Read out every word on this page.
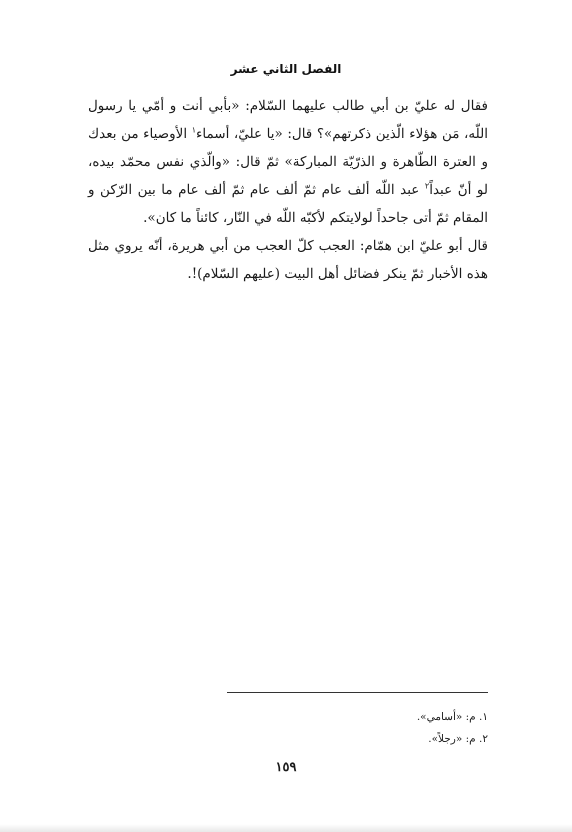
الفصل الثاني عشر

فقال له عليّ بن أبي طالب عليهما السّلام: «بأبي أنت و أمّي يا رسول اللّه، مَن هؤلاء الّذين ذكرتهم»؟ قال: «يا عليّ، أسماء$^١$ الأوصياء من بعدك و العترة الطّاهرة و الذرّيّة المباركة» ثمّ قال: «والّذي نفس محمّد بيده، لو أنّ عبداً$^٢$ عبد اللّه ألف عام ثمّ ألف عام ثمّ ألف عام ما بين الرّكن و المقام ثمّ أتى جاحداً لولايتكم لأكبّه اللّه في النّار، كائناً ما كان».

قال أبو عليّ ابن همّام: العجب كلّ العجب من أبي هريرة، أنّه يروي مثل هذه الأخبار ثمّ ينكر فضائل أهل البيت (عليهم السّلام)!.

١. م: «أسامي».
٢. م: «رجلاً».
١٥٩
